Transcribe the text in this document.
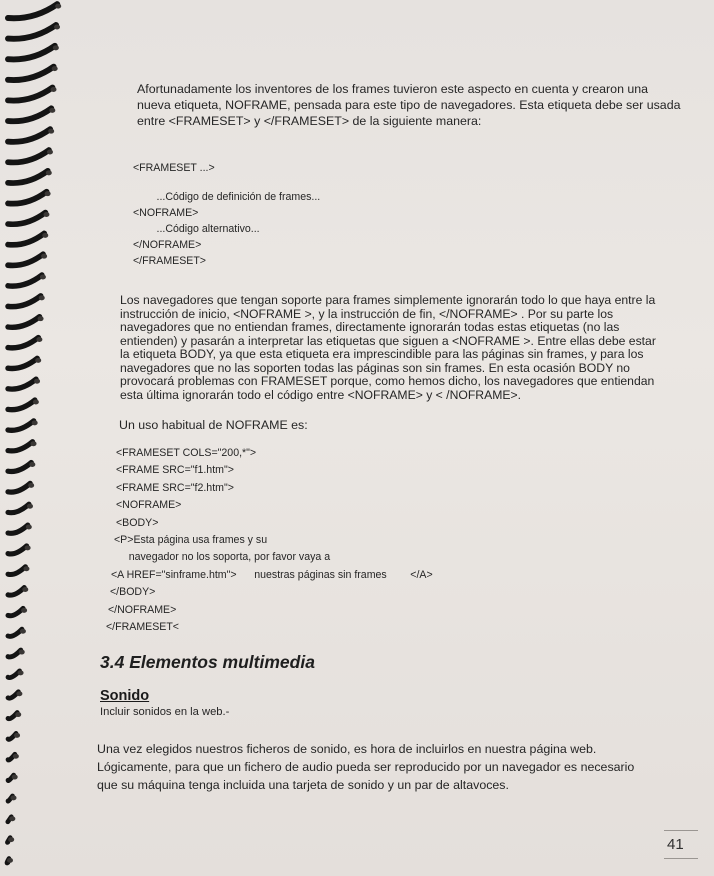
Afortunadamente los inventores de los frames tuvieron este aspecto en cuenta y crearon una

nueva etiqueta, NOFRAME, pensada para este tipo de navegadores. Esta etiqueta debe ser usada

entre <FRAMESET> y </FRAMESET> de la siguiente manera:

<FRAMESET ...>

...Código de definición de frames...

<NOFRAME>

...Código alternativo...

</NOFRAME>

</FRAMESET>

Los navegadores que tengan soporte para frames simplemente ignorarán todo lo que haya entre la

instrucción de inicio, <NOFRAME >, y la instrucción de fin, </NOFRAME> . Por su parte los

navegadores que no entiendan frames, directamente ignorarán todas estas etiquetas (no las

entienden) y pasarán a interpretar las etiquetas que siguen a <NOFRAME >. Entre ellas debe estar

la etiqueta BODY, ya que esta etiqueta era imprescindible para las páginas sin frames, y para los

navegadores que no las soporten todas las páginas son sin frames. En esta ocasión BODY no

provocará problemas con FRAMESET porque, como hemos dicho, los navegadores que entiendan

esta última ignorarán todo el código entre <NOFRAME> y < /NOFRAME>.

Un uso habitual de NOFRAME es:

<FRAMESET COLS="200,*">

<FRAME SRC="f1.htm">

<FRAME SRC="f2.htm">

<NOFRAME>

<BODY>

<P>Esta página usa frames y su

navegador no los soporta, por favor vaya a

<A HREF="sinframe.htm">      nuestras páginas sin frames        </A>

</BODY>

</NOFRAME>

</FRAMESET<

3.4 Elementos multimedia
Sonido

Incluir sonidos en la web.-

Una vez elegidos nuestros ficheros de sonido, es hora de incluirlos en nuestra página web.

Lógicamente, para que un fichero de audio pueda ser reproducido por un navegador es necesario

que su máquina tenga incluida una tarjeta de sonido y un par de altavoces.

41
